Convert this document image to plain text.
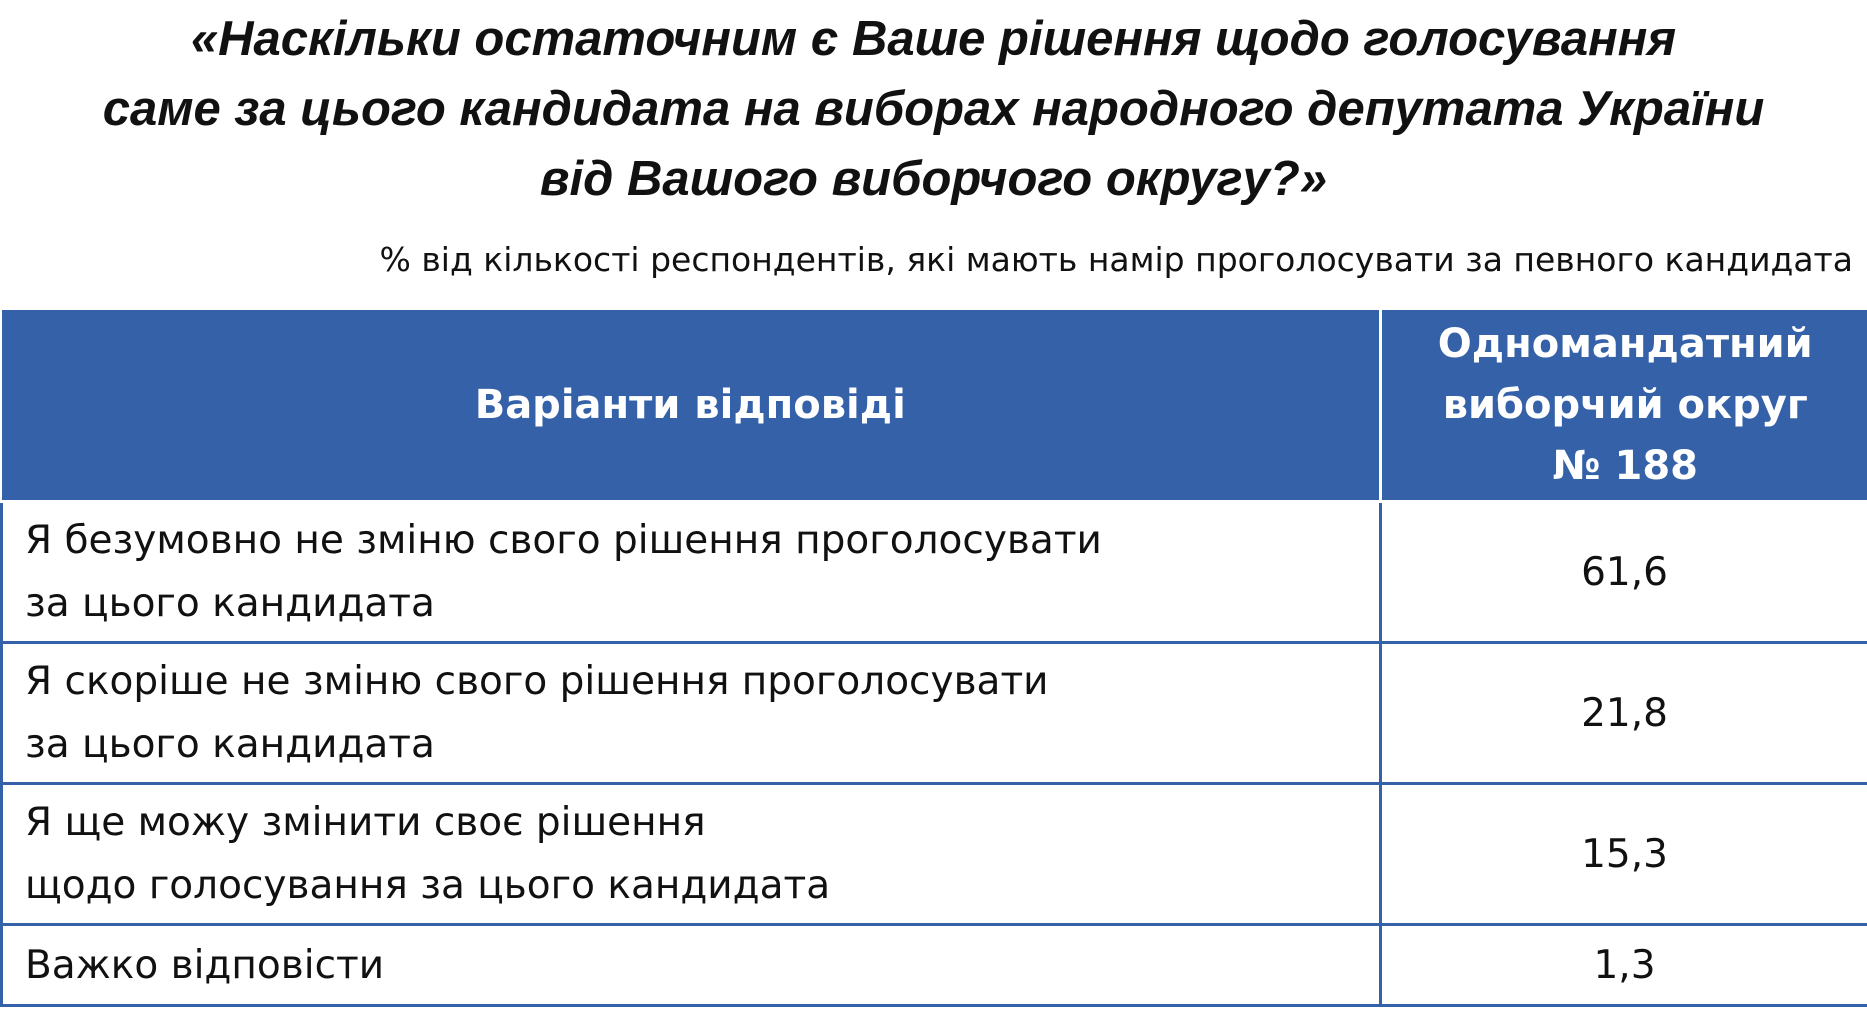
«Наскільки остаточним є Ваше рішення щодо голосування
саме за цього кандидата на виборах народного депутата України
від Вашого виборчого округу?»
% від кількості респондентів, які мають намір проголосувати за певного кандидата
Варіанти відповіді	Одномандатний
виборчий округ
№ 188

Я безумовно не зміню свого рішення проголосувати
за цього кандидата	61,6

Я скоріше не зміню свого рішення проголосувати
за цього кандидата	21,8

Я ще можу змінити своє рішення
щодо голосування за цього кандидата	15,3

Важко відповісти	1,3
